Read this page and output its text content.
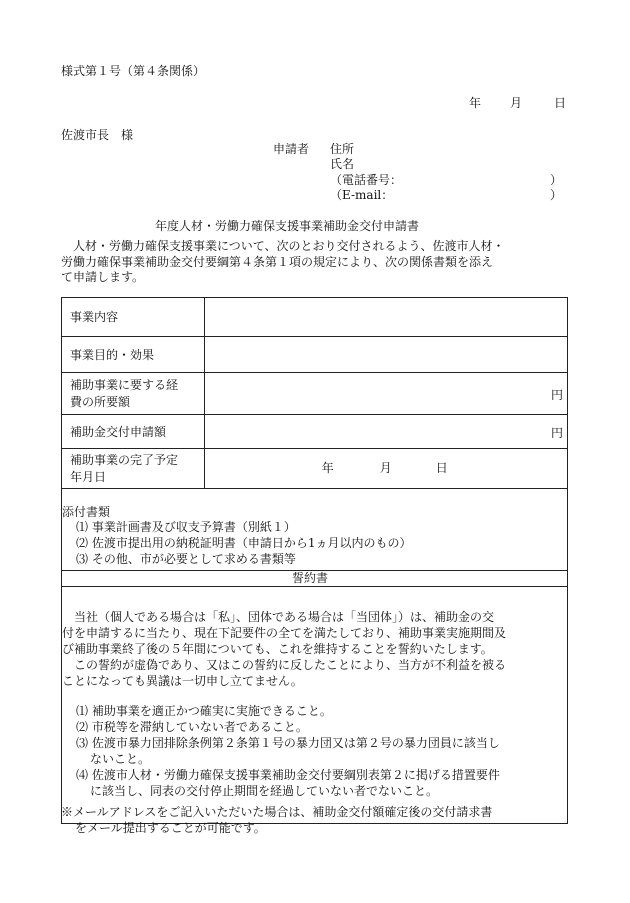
様式第１号（第４条関係）
年 月	日
佐渡市長　様
申請者 住所
氏名
（電話番号：	）
（E-mail：	）
年度人材・労働力確保支援事業補助金交付申請書
人材・労働力確保支援事業について、次のとおり交付されるよう、佐渡市人材・
労働力確保事業補助金交付要綱第４条第１項の規定により、次の関係書類を添え
て申請します。
事業内容	

事業目的・効果	

補助事業に要する経
費の所要額	円

補助金交付申請額	円

補助事業の完了予定
年月日	年 月 日
添付書類
⑴ 事業計画書及び収支予算書（別紙１）
⑵ 佐渡市提出用の納税証明書（申請日から1ヵ月以内のもの）
⑶ その他、市が必要として求める書類等
誓約書
当社（個人である場合は「私」、団体である場合は「当団体」）は、補助金の交
付を申請するに当たり、現在下記要件の全てを満たしており、補助事業実施期間及
び補助事業終了後の５年間についても、これを維持することを誓約いたします。
この誓約が虚偽であり、又はこの誓約に反したことにより、当方が不利益を被る
ことになっても異議は一切申し立てません。
⑴ 補助事業を適正かつ確実に実施できること。
⑵ 市税等を滞納していない者であること。
⑶ 佐渡市暴力団排除条例第２条第１号の暴力団又は第２号の暴力団員に該当し
ないこと。
⑷ 佐渡市人材・労働力確保支援事業補助金交付要綱別表第２に掲げる措置要件
に該当し、同表の交付停止期間を経過していない者でないこと。
※メールアドレスをご記入いただいた場合は、補助金交付額確定後の交付請求書
をメール提出することが可能です。
